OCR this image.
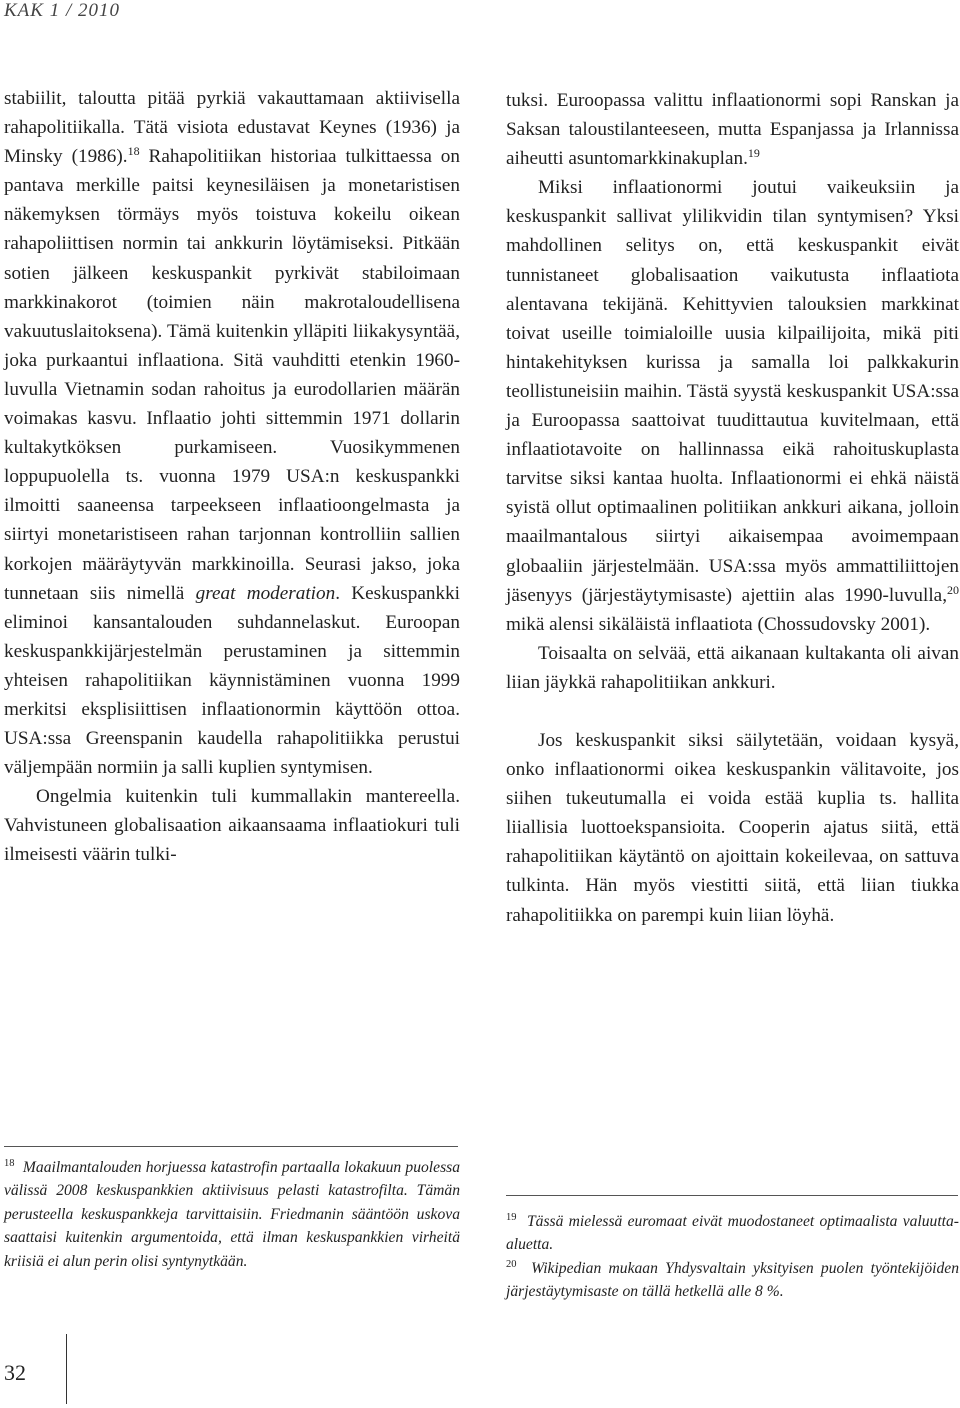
KAK 1 / 2010

stabiilit, taloutta pitää pyrkiä vakauttamaan aktiivisella rahapolitiikalla. Tätä visiota edustavat Keynes (1936) ja Minsky (1986).$^{18}$ Rahapolitiikan historiaa tulkittaessa on pantava merkille paitsi keynesiläisen ja monetaristisen näkemyksen törmäys myös toistuva kokeilu oikean rahapoliittisen normin tai ankkurin löytämiseksi. Pitkään sotien jälkeen keskuspankit pyrkivät stabiloimaan markkinakorot (toimien näin makrotaloudellisena vakuutuslaitoksena). Tämä kuitenkin ylläpiti liikakysyntää, joka purkaantui inflaationa. Sitä vauhditti etenkin 1960-luvulla Vietnamin sodan rahoitus ja eurodollarien määrän voimakas kasvu. Inflaatio johti sittemmin 1971 dollarin kultakytköksen purkamiseen. Vuosikymmenen loppupuolella ts. vuonna 1979 USA:n keskuspankki ilmoitti saaneensa tarpeekseen inflaatioongelmasta ja siirtyi monetaristiseen rahan tarjonnan kontrolliin sallien korkojen määräytyvän markkinoilla. Seurasi jakso, joka tunnetaan siis nimellä great moderation. Keskuspankki eliminoi kansantalouden suhdannelaskut. Euroopan keskuspankkijärjestelmän perustaminen ja sittemmin yhteisen rahapolitiikan käynnistäminen vuonna 1999 merkitsi eksplisiittisen inflaationormin käyttöön ottoa. USA:ssa Greenspanin kaudella rahapolitiikka perustui väljempään normiin ja salli kuplien syntymisen.

Ongelmia kuitenkin tuli kummallakin mantereella. Vahvistuneen globalisaation aikaansaama inflaatiokuri tuli ilmeisesti väärin tulki-

tuksi. Euroopassa valittu inflaationormi sopi Ranskan ja Saksan taloustilanteeseen, mutta Espanjassa ja Irlannissa aiheutti asuntomarkkinakuplan.$^{19}$

Miksi inflaationormi joutui vaikeuksiin ja keskuspankit sallivat ylilikvidin tilan syntymisen? Yksi mahdollinen selitys on, että keskuspankit eivät tunnistaneet globalisaation vaikutusta inflaatiota alentavana tekijänä. Kehittyvien talouksien markkinat toivat useille toimialoille uusia kilpailijoita, mikä piti hintakehityksen kurissa ja samalla loi palkkakurin teollistuneisiin maihin. Tästä syystä keskuspankit USA:ssa ja Euroopassa saattoivat tuudittautua kuvitelmaan, että inflaatiotavoite on hallinnassa eikä rahoituskuplasta tarvitse siksi kantaa huolta. Inflaationormi ei ehkä näistä syistä ollut optimaalinen politiikan ankkuri aikana, jolloin maailmantalous siirtyi aikaisempaa avoimempaan globaaliin järjestelmään. USA:ssa myös ammattiliittojen jäsenyys (järjestäytymisaste) ajettiin alas 1990-luvulla,$^{20}$ mikä alensi sikäläistä inflaatiota (Chossudovsky 2001).

Toisaalta on selvää, että aikanaan kultakanta oli aivan liian jäykkä rahapolitiikan ankkuri.

Jos keskuspankit siksi säilytetään, voidaan kysyä, onko inflaationormi oikea keskuspankin välitavoite, jos siihen tukeutumalla ei voida estää kuplia ts. hallita liiallisia luottoekspansioita. Cooperin ajatus siitä, että rahapolitiikan käytäntö on ajoittain kokeilevaa, on sattuva tulkinta. Hän myös viestitti siitä, että liian tiukka rahapolitiikka on parempi kuin liian löyhä.

$^{18}$ Maailmantalouden horjuessa katastrofin partaalla lokakuun puolessa välissä 2008 keskuspankkien aktiivisuus pelasti katastrofilta. Tämän perusteella keskuspankkeja tarvittaisiin. Friedmanin sääntöön uskova saattaisi kuitenkin argumentoida, että ilman keskuspankkien virheitä kriisiä ei alun perin olisi syntynytkään.

$^{19}$ Tässä mielessä euromaat eivät muodostaneet optimaalista valuutta-aluetta.

$^{20}$ Wikipedian mukaan Yhdysvaltain yksityisen puolen työntekijöiden järjestäytymisaste on tällä hetkellä alle 8 %.

32
